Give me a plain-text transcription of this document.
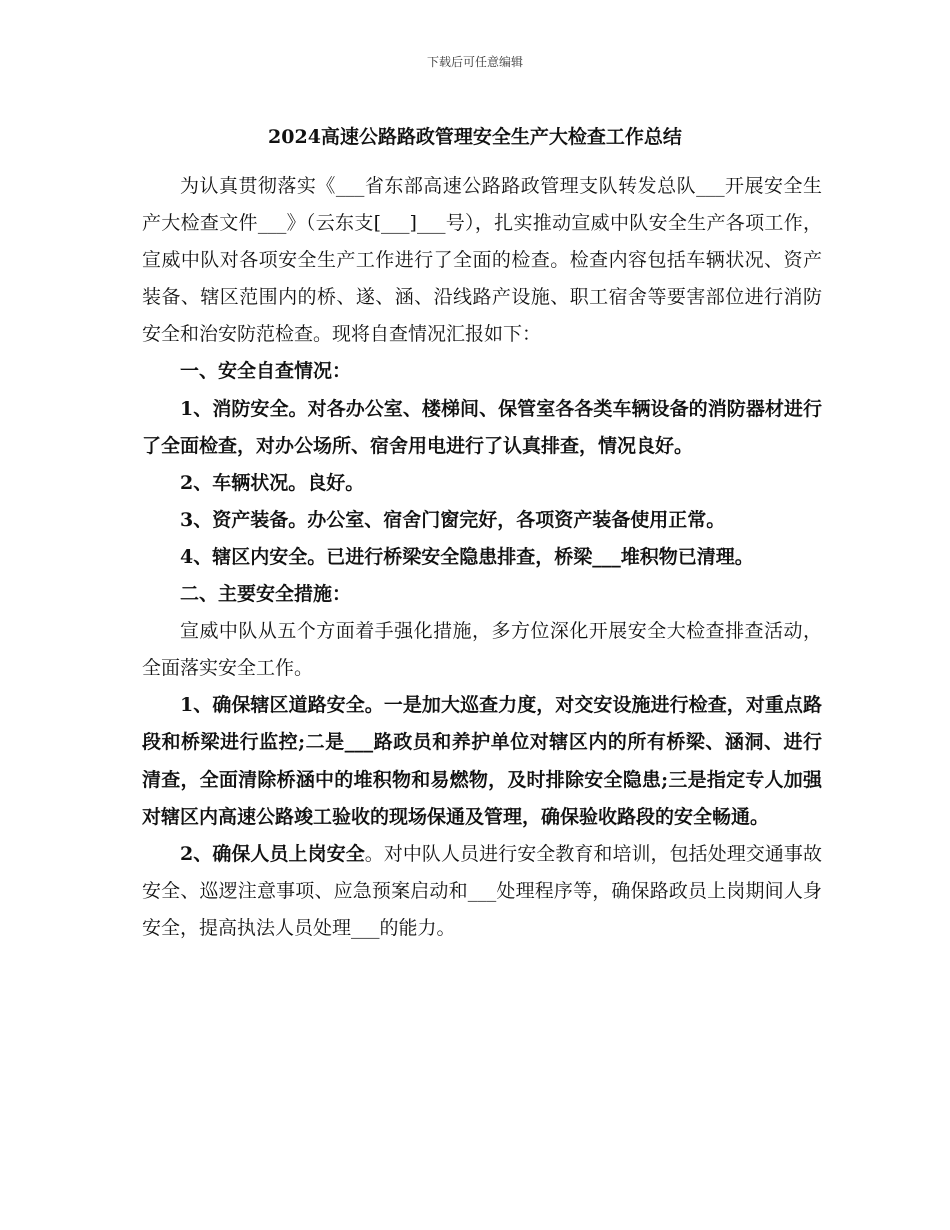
下载后可任意编辑
2024高速公路路政管理安全生产大检查工作总结

为认真贯彻落实《___省东部高速公路路政管理支队转发总队___开展安全生产大检查文件___》（云东支[___]___号），扎实推动宣威中队安全生产各项工作，宣威中队对各项安全生产工作进行了全面的检查。检查内容包括车辆状况、资产装备、辖区范围内的桥、遂、涵、沿线路产设施、职工宿舍等要害部位进行消防安全和治安防范检查。现将自查情况汇报如下：

一、安全自查情况：

1、消防安全。对各办公室、楼梯间、保管室各各类车辆设备的消防器材进行了全面检查，对办公场所、宿舍用电进行了认真排查，情况良好。

2、车辆状况。良好。

3、资产装备。办公室、宿舍门窗完好，各项资产装备使用正常。

4、辖区内安全。已进行桥梁安全隐患排查，桥梁___堆积物已清理。

二、主要安全措施：

宣威中队从五个方面着手强化措施，多方位深化开展安全大检查排查活动，全面落实安全工作。

1、确保辖区道路安全。一是加大巡查力度，对交安设施进行检查，对重点路段和桥梁进行监控;二是___路政员和养护单位对辖区内的所有桥梁、涵洞、进行清查，全面清除桥涵中的堆积物和易燃物，及时排除安全隐患;三是指定专人加强对辖区内高速公路竣工验收的现场保通及管理，确保验收路段的安全畅通。

2、确保人员上岗安全。对中队人员进行安全教育和培训，包括处理交通事故安全、巡逻注意事项、应急预案启动和___处理程序等，确保路政员上岗期间人身安全，提高执法人员处理___的能力。
